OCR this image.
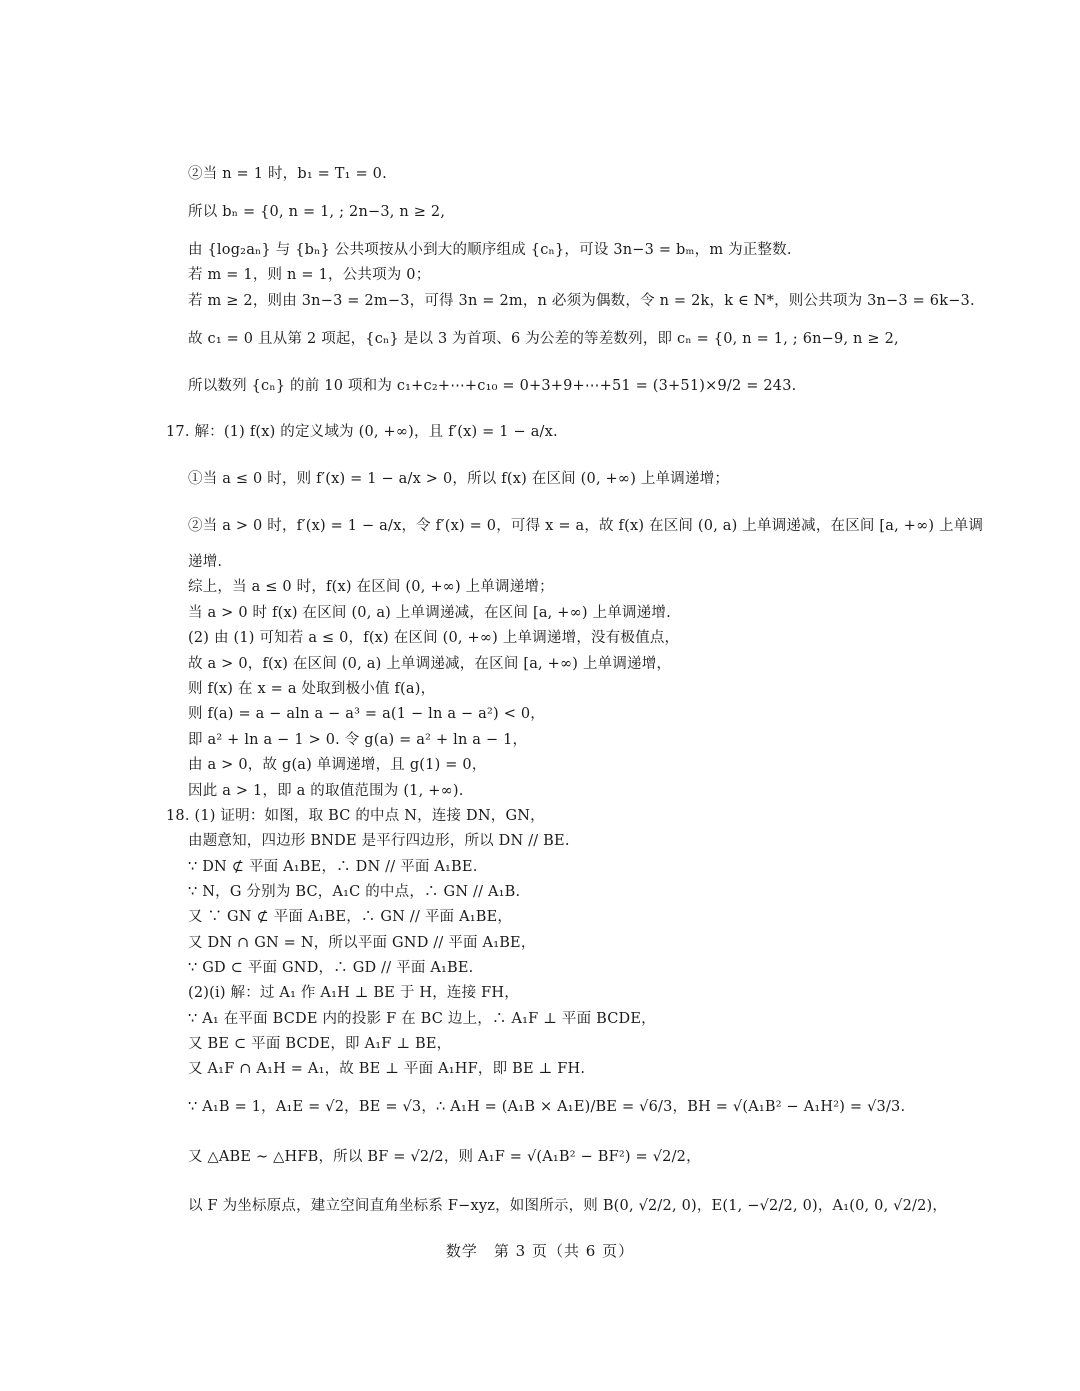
②当 n = 1 时，b₁ = T₁ = 0.
所以 bₙ = {0, n = 1, ; 2n−3, n ≥ 2,
由 {log₂aₙ} 与 {bₙ} 公共项按从小到大的顺序组成 {cₙ}，可设 3n−3 = bₘ，m 为正整数.
若 m = 1，则 n = 1，公共项为 0；
若 m ≥ 2，则由 3n−3 = 2m−3，可得 3n = 2m，n 必须为偶数，令 n = 2k，k ∈ N*，则公共项为 3n−3 = 6k−3.
故 c₁ = 0 且从第 2 项起，{cₙ} 是以 3 为首项、6 为公差的等差数列，即 cₙ = {0, n = 1, ; 6n−9, n ≥ 2,
所以数列 {cₙ} 的前 10 项和为 c₁+c₂+⋯+c₁₀ = 0+3+9+⋯+51 = (3+51)×9/2 = 243.
17. 解：(1) f(x) 的定义域为 (0, +∞)，且 f′(x) = 1 − a/x.
①当 a ≤ 0 时，则 f′(x) = 1 − a/x > 0，所以 f(x) 在区间 (0, +∞) 上单调递增；
②当 a > 0 时，f′(x) = 1 − a/x，令 f′(x) = 0，可得 x = a，故 f(x) 在区间 (0, a) 上单调递减，在区间 [a, +∞) 上单调
递增.
综上，当 a ≤ 0 时，f(x) 在区间 (0, +∞) 上单调递增；
当 a > 0 时 f(x) 在区间 (0, a) 上单调递减，在区间 [a, +∞) 上单调递增.
(2) 由 (1) 可知若 a ≤ 0，f(x) 在区间 (0, +∞) 上单调递增，没有极值点，
故 a > 0，f(x) 在区间 (0, a) 上单调递减，在区间 [a, +∞) 上单调递增，
则 f(x) 在 x = a 处取到极小值 f(a)，
则 f(a) = a − aln a − a³ = a(1 − ln a − a²) < 0，
即 a² + ln a − 1 > 0. 令 g(a) = a² + ln a − 1，
由 a > 0，故 g(a) 单调递增，且 g(1) = 0，
因此 a > 1，即 a 的取值范围为 (1, +∞).
18. (1) 证明：如图，取 BC 的中点 N，连接 DN，GN，
由题意知，四边形 BNDE 是平行四边形，所以 DN // BE.
∵ DN ⊄ 平面 A₁BE，∴ DN // 平面 A₁BE.
∵ N，G 分别为 BC，A₁C 的中点，∴ GN // A₁B.
又 ∵ GN ⊄ 平面 A₁BE，∴ GN // 平面 A₁BE，
又 DN ∩ GN = N，所以平面 GND // 平面 A₁BE，
∵ GD ⊂ 平面 GND，∴ GD // 平面 A₁BE.
(2)(i) 解：过 A₁ 作 A₁H ⊥ BE 于 H，连接 FH，
∵ A₁ 在平面 BCDE 内的投影 F 在 BC 边上，∴ A₁F ⊥ 平面 BCDE，
又 BE ⊂ 平面 BCDE，即 A₁F ⊥ BE，
又 A₁F ∩ A₁H = A₁，故 BE ⊥ 平面 A₁HF，即 BE ⊥ FH.
∵ A₁B = 1，A₁E = √2，BE = √3，∴ A₁H = (A₁B × A₁E)/BE = √6/3，BH = √(A₁B² − A₁H²) = √3/3.
又 △ABE ∼ △HFB，所以 BF = √2/2，则 A₁F = √(A₁B² − BF²) = √2/2，
以 F 为坐标原点，建立空间直角坐标系 F−xyz，如图所示，则 B(0, √2/2, 0)，E(1, −√2/2, 0)，A₁(0, 0, √2/2)，
数学　第 3 页（共 6 页）
